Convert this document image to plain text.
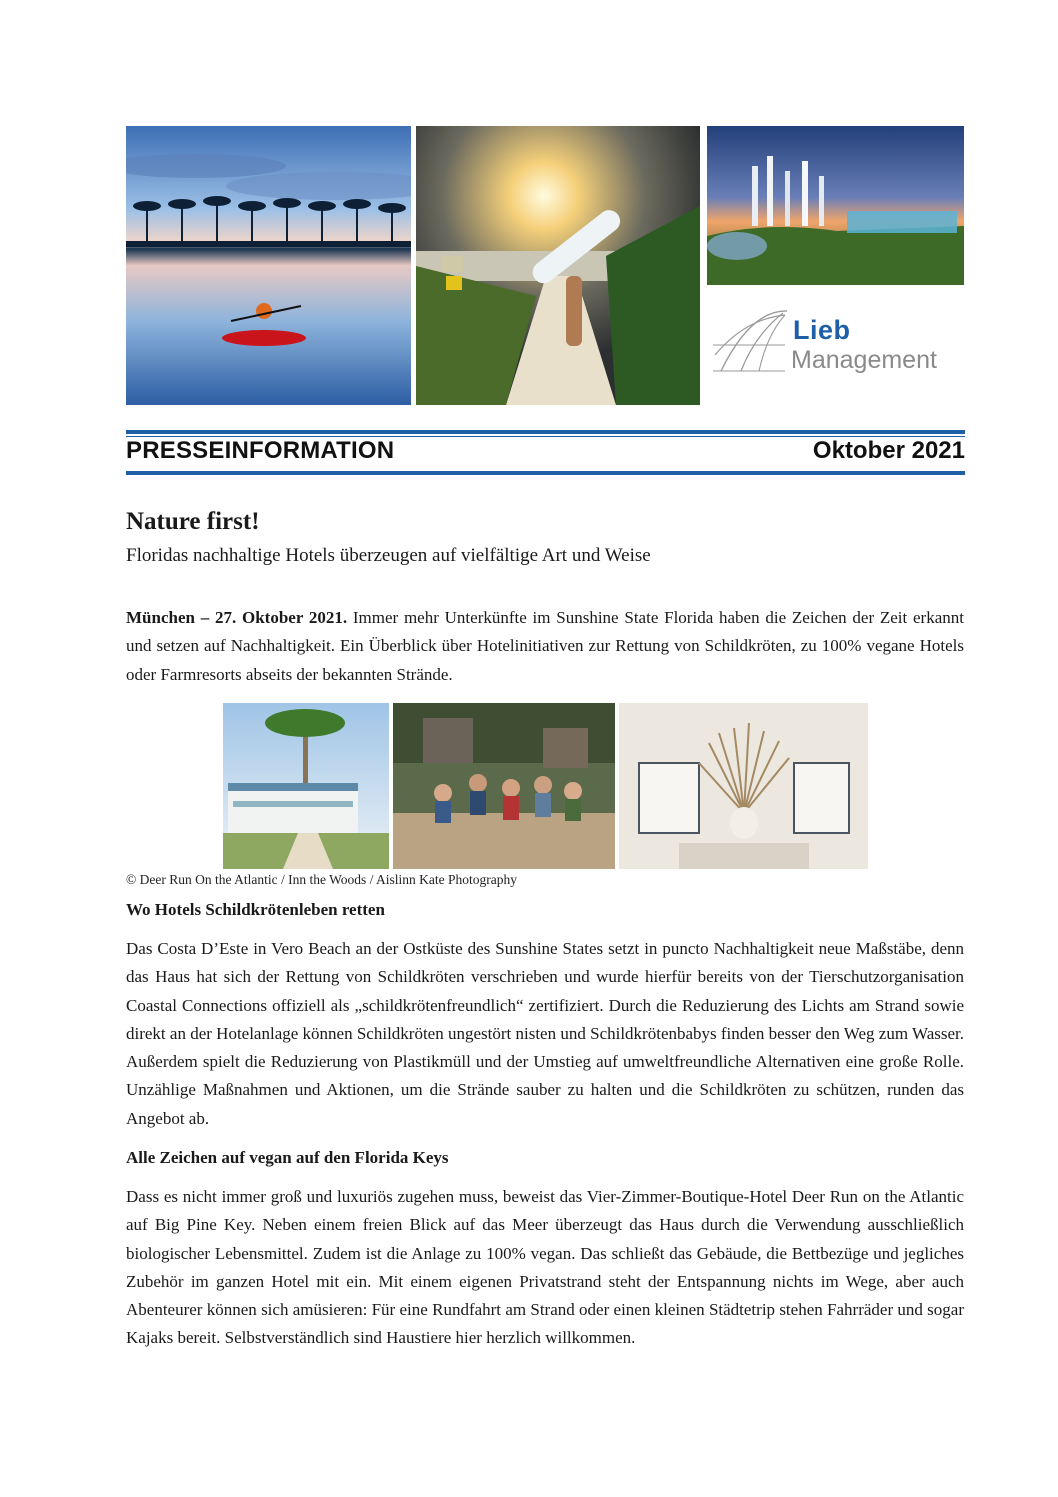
Lieb
Management
PRESSEINFORMATION	Oktober 2021
Nature first!
Floridas nachhaltige Hotels überzeugen auf vielfältige Art und Weise

München – 27. Oktober 2021. Immer mehr Unterkünfte im Sunshine State Florida haben die Zeichen der Zeit erkannt und setzen auf Nachhaltigkeit. Ein Überblick über Hotelinitiativen zur Rettung von Schildkröten, zu 100% vegane Hotels oder Farmresorts abseits der bekannten Strände.

© Deer Run On the Atlantic / Inn the Woods / Aislinn Kate Photography
Wo Hotels Schildkrötenleben retten

Das Costa D’Este in Vero Beach an der Ostküste des Sunshine States setzt in puncto Nachhaltigkeit neue Maßstäbe, denn das Haus hat sich der Rettung von Schildkröten verschrieben und wurde hierfür bereits von der Tierschutzorganisation Coastal Connections offiziell als „schildkrötenfreundlich“ zertifiziert. Durch die Reduzierung des Lichts am Strand sowie direkt an der Hotelanlage können Schildkröten ungestört nisten und Schildkrötenbabys finden besser den Weg zum Wasser. Außerdem spielt die Reduzierung von Plastikmüll und der Umstieg auf umweltfreundliche Alternativen eine große Rolle. Unzählige Maßnahmen und Aktionen, um die Strände sauber zu halten und die Schildkröten zu schützen, runden das Angebot ab.

Alle Zeichen auf vegan auf den Florida Keys

Dass es nicht immer groß und luxuriös zugehen muss, beweist das Vier-Zimmer-Boutique-Hotel Deer Run on the Atlantic auf Big Pine Key. Neben einem freien Blick auf das Meer überzeugt das Haus durch die Verwendung ausschließlich biologischer Lebensmittel. Zudem ist die Anlage zu 100% vegan. Das schließt das Gebäude, die Bettbezüge und jegliches Zubehör im ganzen Hotel mit ein. Mit einem eigenen Privatstrand steht der Entspannung nichts im Wege, aber auch Abenteurer können sich amüsieren: Für eine Rundfahrt am Strand oder einen kleinen Städtetrip stehen Fahrräder und sogar Kajaks bereit. Selbstverständlich sind Haustiere hier herzlich willkommen.
